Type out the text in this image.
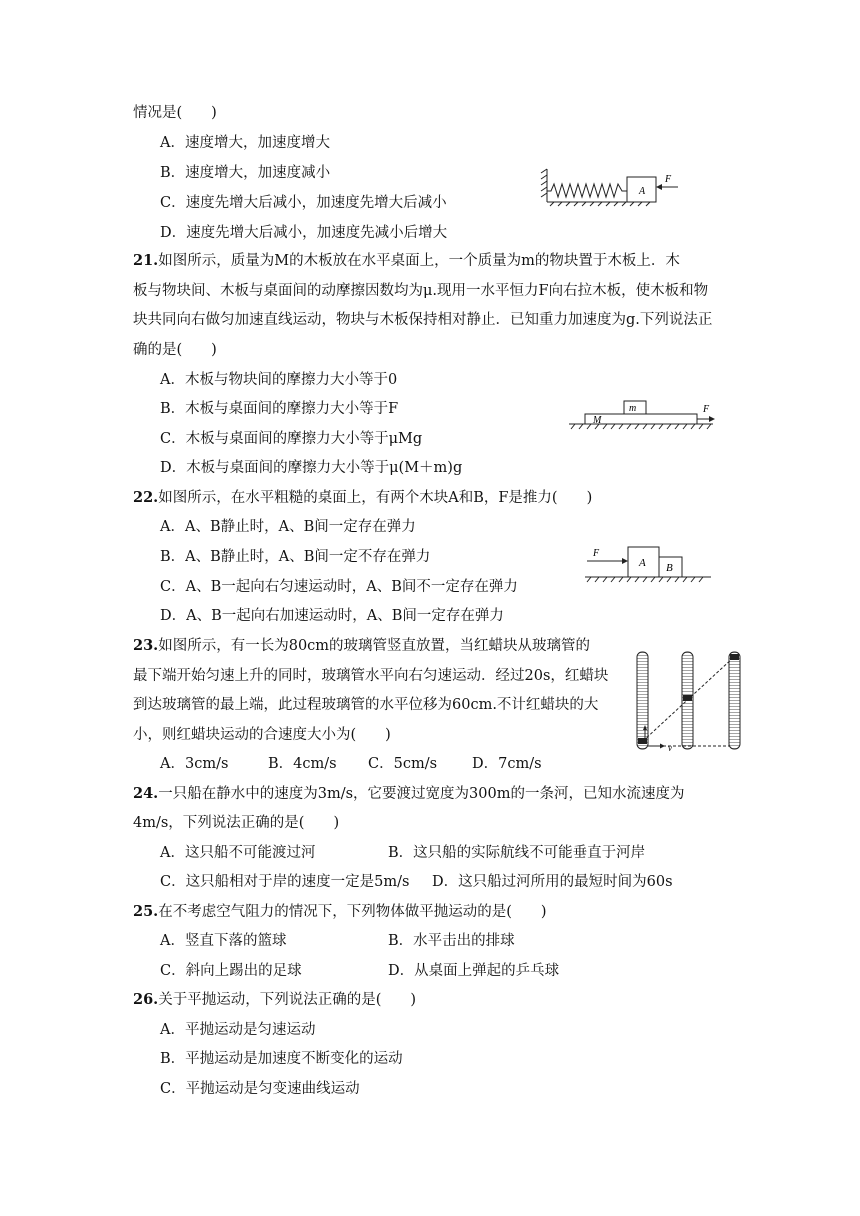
情况是(　　)
A．速度增大，加速度增大
B．速度增大，加速度减小
C．速度先增大后减小，加速度先增大后减小
D．速度先增大后减小，加速度先减小后增大
A
F
21.如图所示，质量为M的木板放在水平桌面上，一个质量为m的物块置于木板上．木
板与物块间、木板与桌面间的动摩擦因数均为μ.现用一水平恒力F向右拉木板，使木板和物
块共同向右做匀加速直线运动，物块与木板保持相对静止．已知重力加速度为g.下列说法正
确的是(　　)
A．木板与物块间的摩擦力大小等于0
B．木板与桌面间的摩擦力大小等于F
C．木板与桌面间的摩擦力大小等于μMg
D．木板与桌面间的摩擦力大小等于μ(M＋m)g
m
M
F
22.如图所示，在水平粗糙的桌面上，有两个木块A和B，F是推力(　　)
A．A、B静止时，A、B间一定存在弹力
B．A、B静止时，A、B间一定不存在弹力
C．A、B一起向右匀速运动时，A、B间不一定存在弹力
D．A、B一起向右加速运动时，A、B间一定存在弹力
F
A B
23.如图所示，有一长为80cm的玻璃管竖直放置，当红蜡块从玻璃管的
最下端开始匀速上升的同时，玻璃管水平向右匀速运动．经过20s，红蜡块
到达玻璃管的最上端，此过程玻璃管的水平位移为60cm.不计红蜡块的大
小，则红蜡块运动的合速度大小为(　　)
A．3cm/s	B．4cm/s C．5cm/s D．7cm/s
v
24.一只船在静水中的速度为3m/s，它要渡过宽度为300m的一条河，已知水流速度为
4m/s，下列说法正确的是(　　)
A．这只船不可能渡过河	B．这只船的实际航线不可能垂直于河岸
C．这只船相对于岸的速度一定是5m/s D．这只船过河所用的最短时间为60s
25.在不考虑空气阻力的情况下，下列物体做平抛运动的是(　　)
A．竖直下落的篮球	B．水平击出的排球
C．斜向上踢出的足球	D．从桌面上弹起的乒乓球
26.关于平抛运动，下列说法正确的是(　　)
A．平抛运动是匀速运动
B．平抛运动是加速度不断变化的运动
C．平抛运动是匀变速曲线运动
